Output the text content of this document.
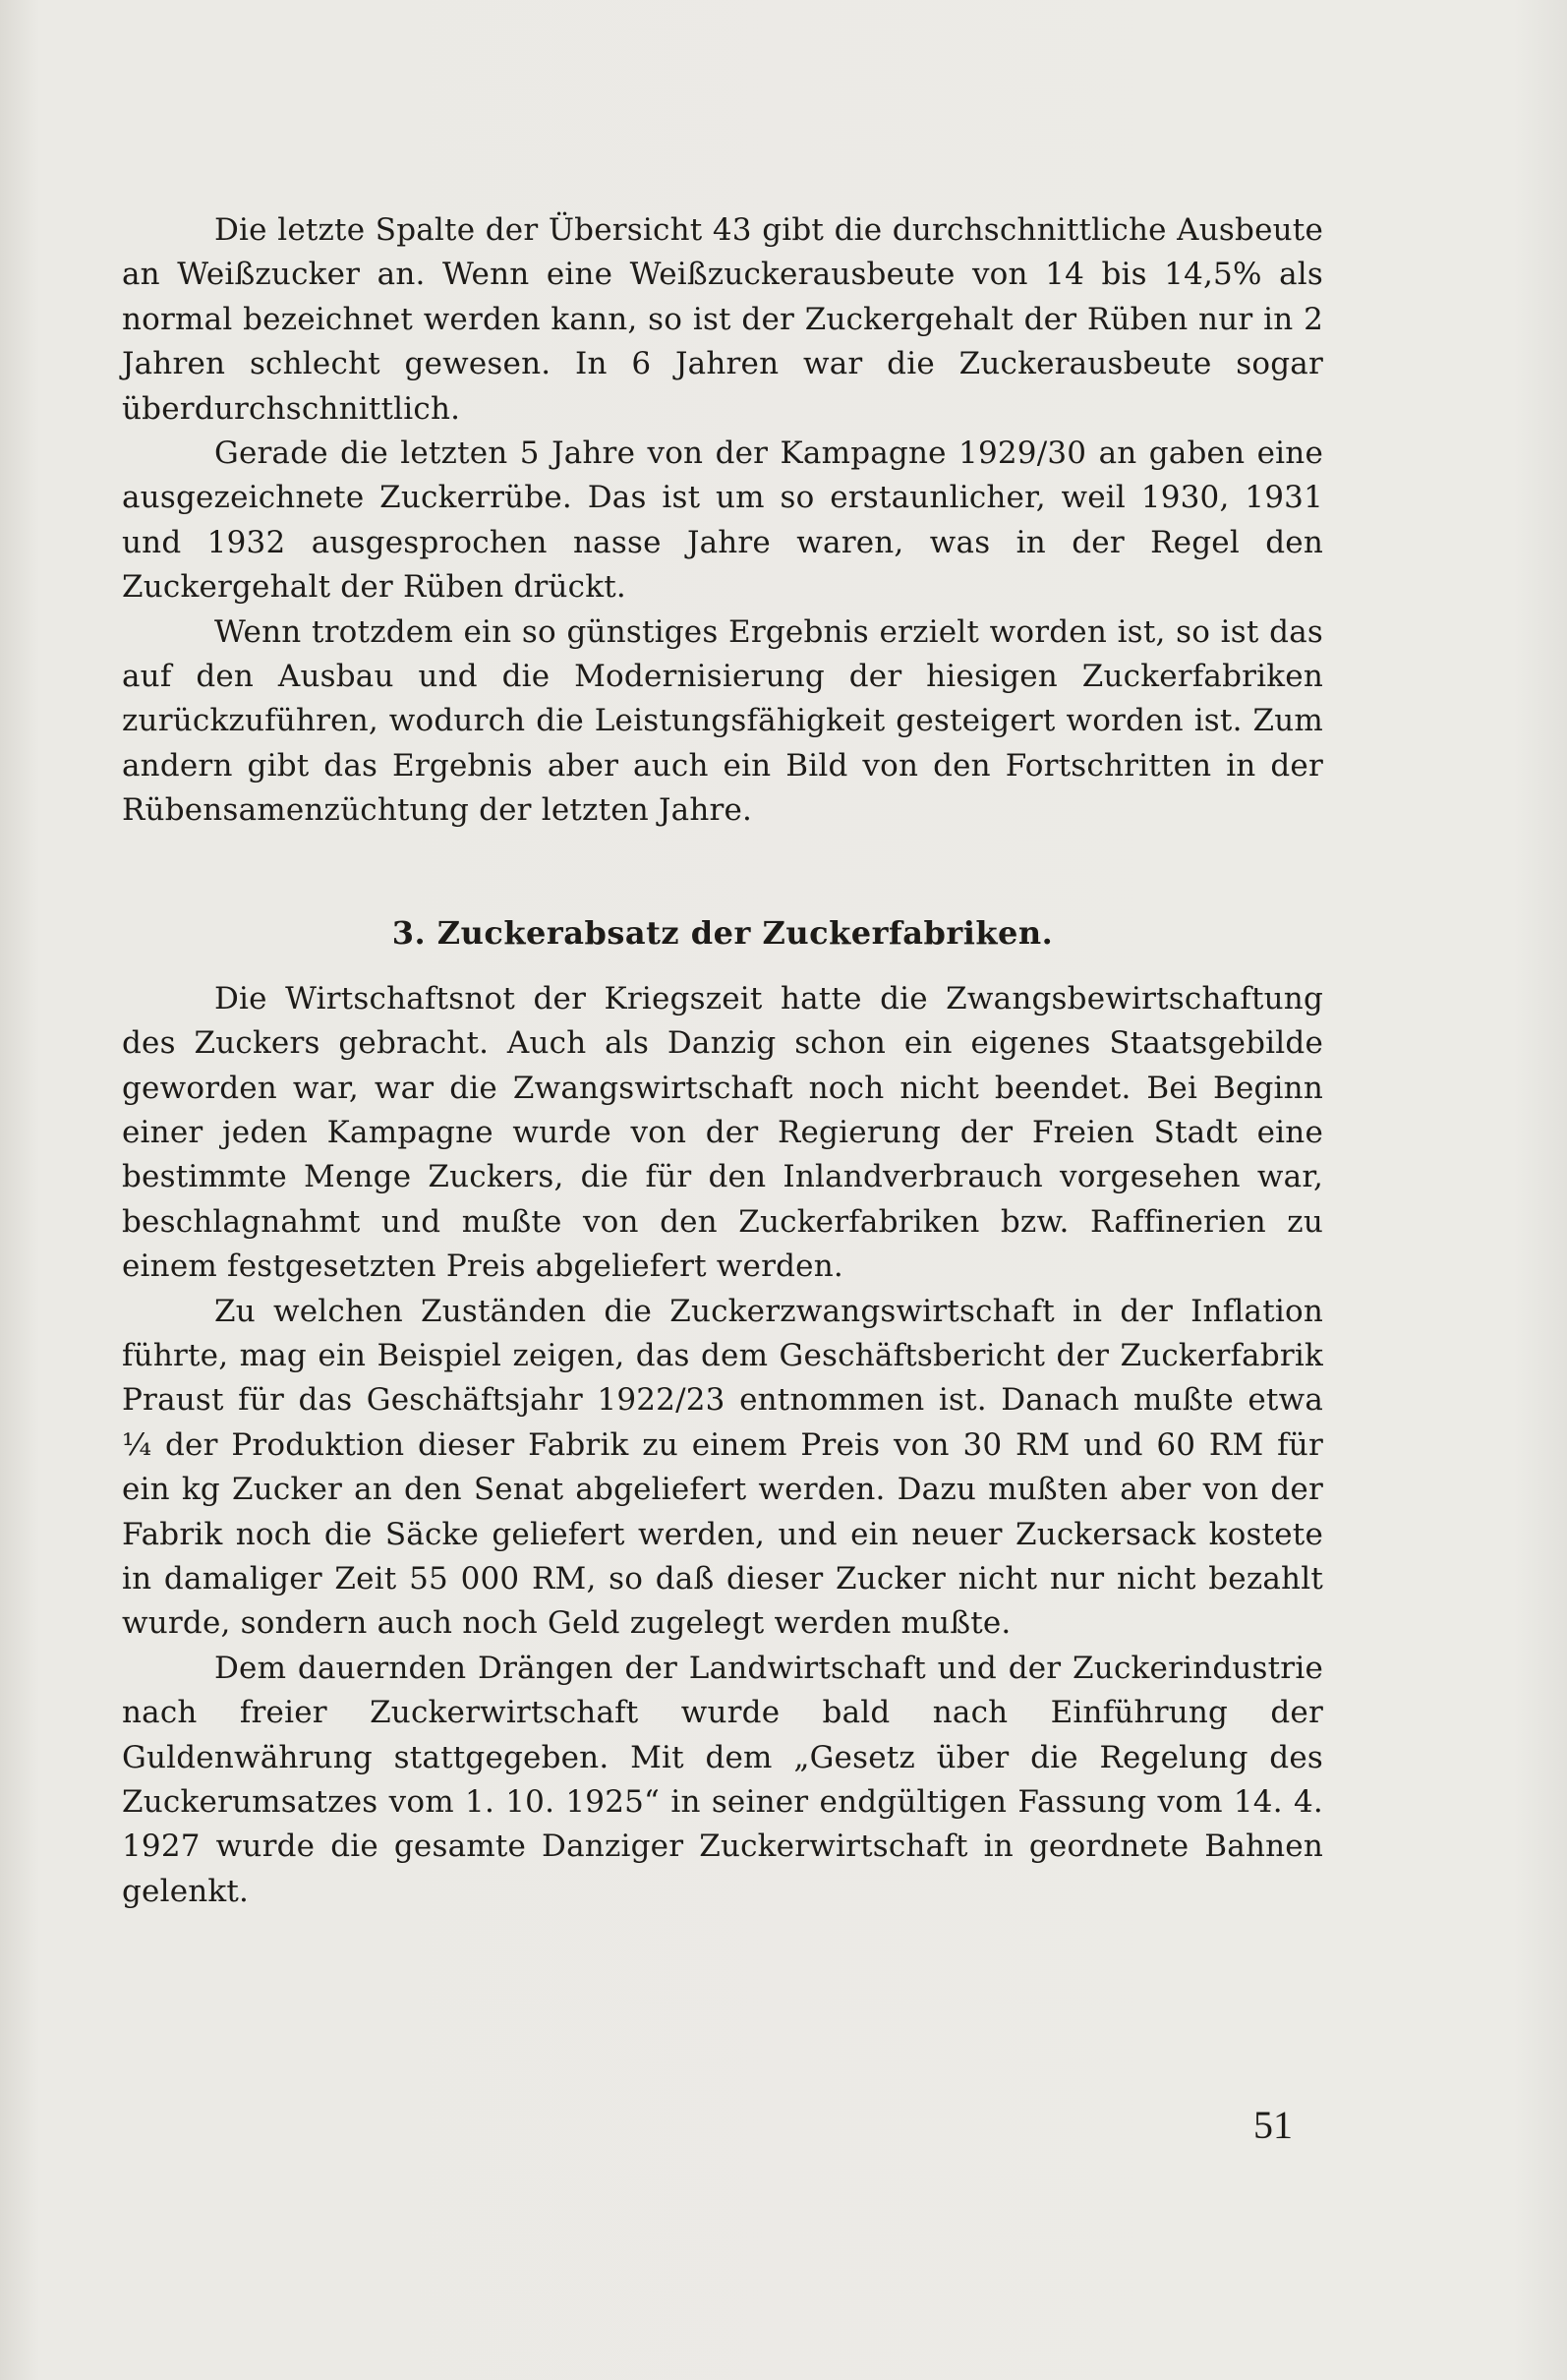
Die letzte Spalte der Übersicht 43 gibt die durchschnittliche Ausbeute an Weißzucker an. Wenn eine Weißzuckerausbeute von 14 bis 14,5% als normal bezeichnet werden kann, so ist der Zuckergehalt der Rüben nur in 2 Jahren schlecht gewesen. In 6 Jahren war die Zuckerausbeute sogar überdurchschnittlich.

Gerade die letzten 5 Jahre von der Kampagne 1929/30 an gaben eine ausgezeichnete Zuckerrübe. Das ist um so erstaunlicher, weil 1930, 1931 und 1932 ausgesprochen nasse Jahre waren, was in der Regel den Zuckergehalt der Rüben drückt.

Wenn trotzdem ein so günstiges Ergebnis erzielt worden ist, so ist das auf den Ausbau und die Modernisierung der hiesigen Zuckerfabriken zurückzuführen, wodurch die Leistungsfähigkeit gesteigert worden ist. Zum andern gibt das Ergebnis aber auch ein Bild von den Fortschritten in der Rübensamenzüchtung der letzten Jahre.

3. Zuckerabsatz der Zuckerfabriken.

Die Wirtschaftsnot der Kriegszeit hatte die Zwangsbewirtschaftung des Zuckers gebracht. Auch als Danzig schon ein eigenes Staatsgebilde geworden war, war die Zwangswirtschaft noch nicht beendet. Bei Beginn einer jeden Kampagne wurde von der Regierung der Freien Stadt eine bestimmte Menge Zuckers, die für den Inlandverbrauch vorgesehen war, beschlagnahmt und mußte von den Zuckerfabriken bzw. Raffinerien zu einem festgesetzten Preis abgeliefert werden.

Zu welchen Zuständen die Zuckerzwangswirtschaft in der Inflation führte, mag ein Beispiel zeigen, das dem Geschäftsbericht der Zuckerfabrik Praust für das Geschäftsjahr 1922/23 entnommen ist. Danach mußte etwa ¼ der Produktion dieser Fabrik zu einem Preis von 30 RM und 60 RM für ein kg Zucker an den Senat abgeliefert werden. Dazu mußten aber von der Fabrik noch die Säcke geliefert werden, und ein neuer Zuckersack kostete in damaliger Zeit 55 000 RM, so daß dieser Zucker nicht nur nicht bezahlt wurde, sondern auch noch Geld zugelegt werden mußte.

Dem dauernden Drängen der Landwirtschaft und der Zuckerindustrie nach freier Zuckerwirtschaft wurde bald nach Einführung der Guldenwährung stattgegeben. Mit dem „Gesetz über die Regelung des Zuckerumsatzes vom 1. 10. 1925“ in seiner endgültigen Fassung vom 14. 4. 1927 wurde die gesamte Danziger Zuckerwirtschaft in geordnete Bahnen gelenkt.

51
